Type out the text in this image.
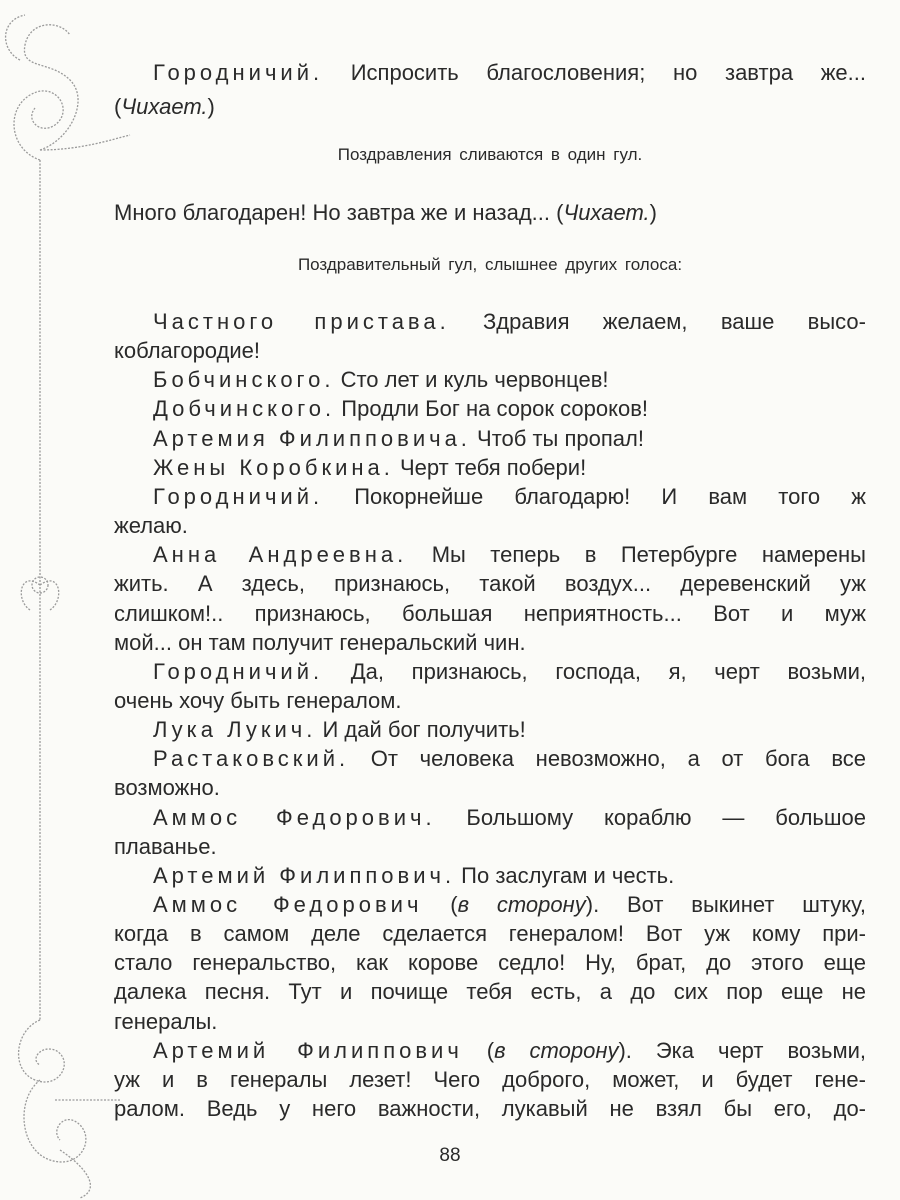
Городничий. Испросить благословения; но завтра же...
(Чихает.)
Много благодарен! Но завтра же и назад... (Чихает.)
Частного пристава. Здравия желаем, ваше высо-
коблагородие!
Бобчинского. Сто лет и куль червонцев!
Добчинского. Продли Бог на сорок сороков!
Артемия Филипповича. Чтоб ты пропал!
Жены Коробкина. Черт тебя побери!
Городничий. Покорнейше благодарю! И вам того ж
желаю.
Анна Андреевна. Мы теперь в Петербурге намерены
жить. А здесь, признаюсь, такой воздух... деревенский уж
слишком!.. признаюсь, большая неприятность... Вот и муж
мой... он там получит генеральский чин.
Городничий. Да, признаюсь, господа, я, черт возьми,
очень хочу быть генералом.
Лука Лукич. И дай бог получить!
Растаковский. От человека невозможно, а от бога все
возможно.
Аммос Федорович. Большому кораблю — большое
плаванье.
Артемий Филиппович. По заслугам и честь.
Аммос Федорович (в сторону). Вот выкинет штуку,
когда в самом деле сделается генералом! Вот уж кому при-
стало генеральство, как корове седло! Ну, брат, до этого еще
далека песня. Тут и почище тебя есть, а до сих пор еще не
генералы.
Артемий Филиппович (в сторону). Эка черт возьми,
уж и в генералы лезет! Чего доброго, может, и будет гене-
ралом. Ведь у него важности, лукавый не взял бы его, до-
Поздравления сливаются в один гул.
Поздравительный гул, слышнее других голоса:
88
